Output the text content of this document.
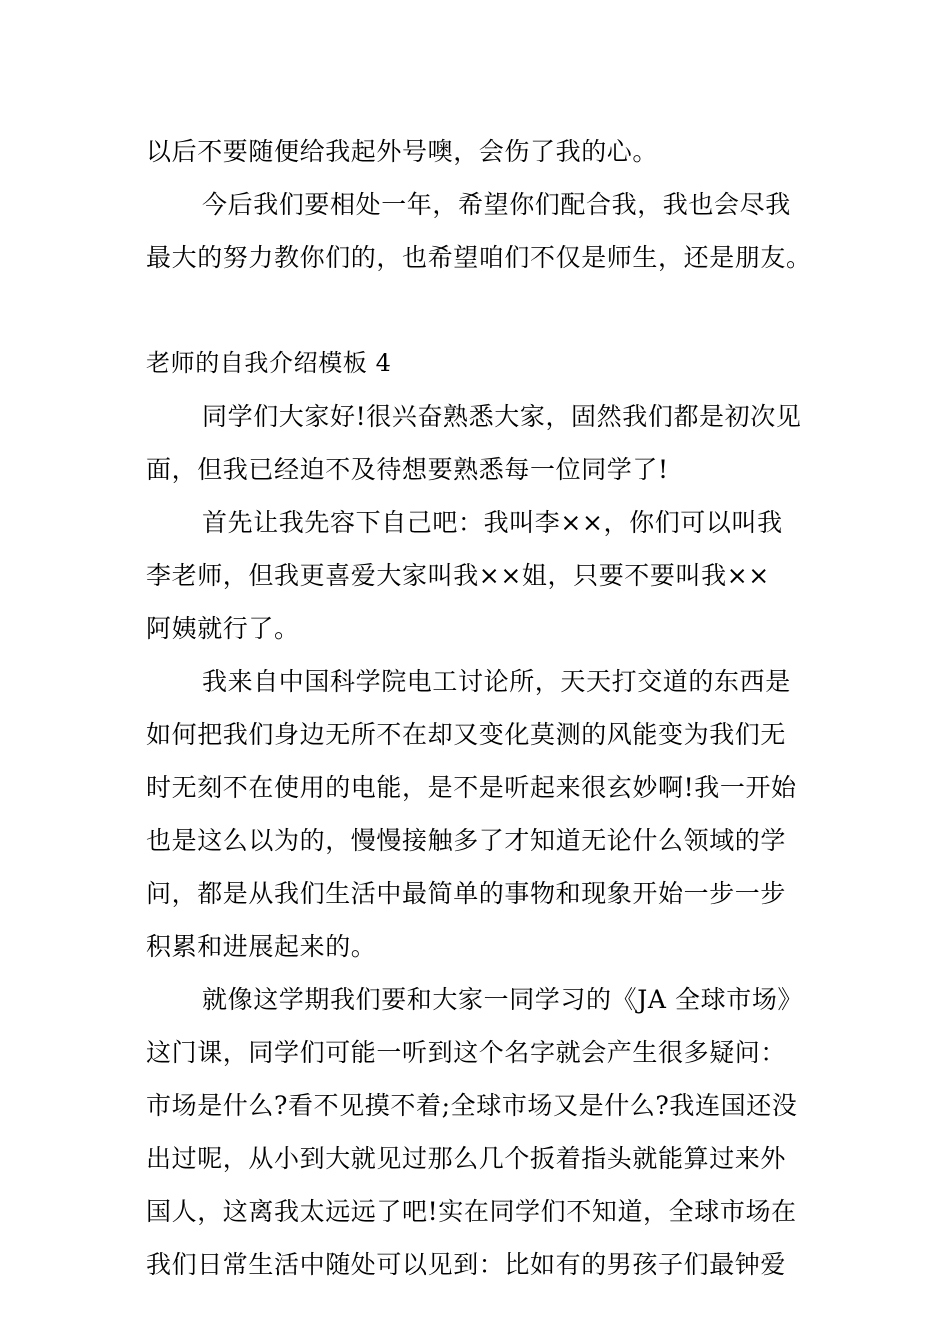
以后不要随便给我起外号噢，会伤了我的心。
今后我们要相处一年，希望你们配合我，我也会尽我
最大的努力教你们的，也希望咱们不仅是师生，还是朋友。
老师的自我介绍模板 4
同学们大家好!很兴奋熟悉大家，固然我们都是初次见
面，但我已经迫不及待想要熟悉每一位同学了!
首先让我先容下自己吧：我叫李××，你们可以叫我
李老师，但我更喜爱大家叫我××姐，只要不要叫我××
阿姨就行了。
我来自中国科学院电工讨论所，天天打交道的东西是
如何把我们身边无所不在却又变化莫测的风能变为我们无
时无刻不在使用的电能，是不是听起来很玄妙啊!我一开始
也是这么以为的，慢慢接触多了才知道无论什么领域的学
问，都是从我们生活中最简单的事物和现象开始一步一步
积累和进展起来的。
就像这学期我们要和大家一同学习的《JA 全球市场》
这门课，同学们可能一听到这个名字就会产生很多疑问：
市场是什么?看不见摸不着;全球市场又是什么?我连国还没
出过呢，从小到大就见过那么几个扳着指头就能算过来外
国人，这离我太远远了吧!实在同学们不知道，全球市场在
我们日常生活中随处可以见到：比如有的男孩子们最钟爱
